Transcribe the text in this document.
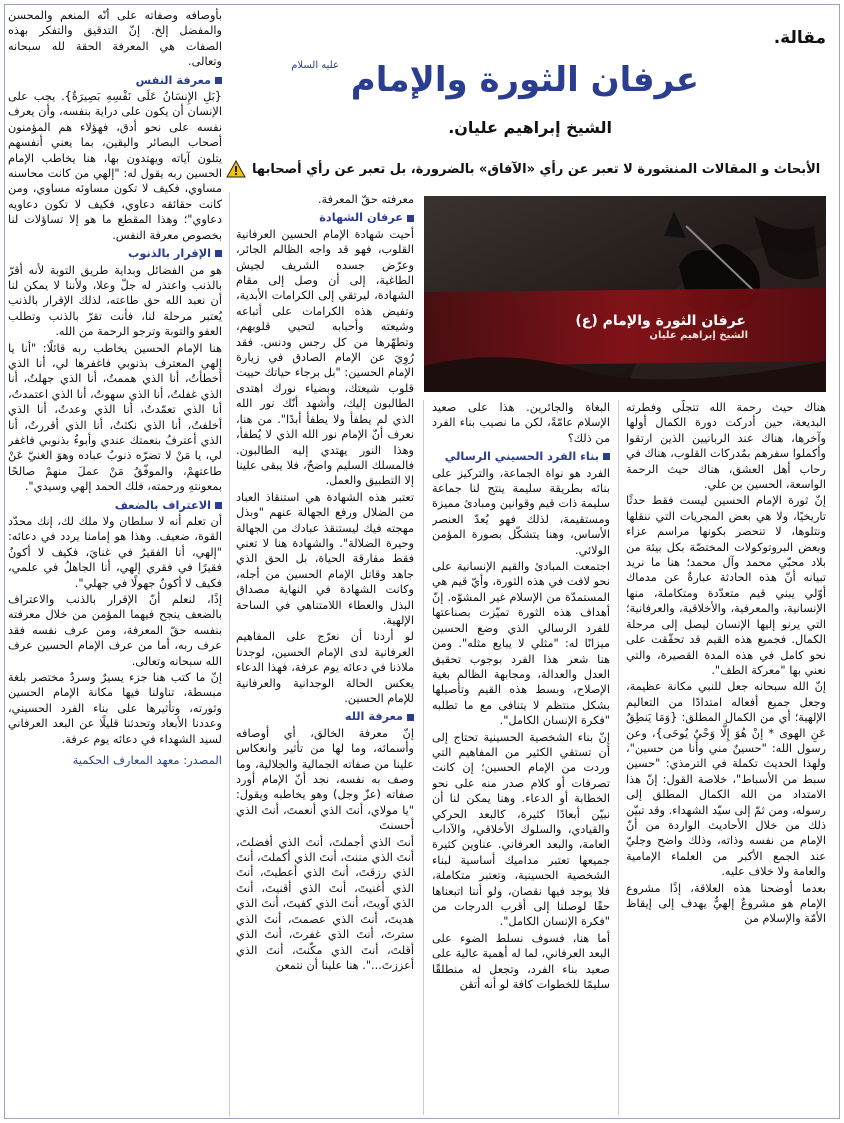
مقالة.
عرفان الثورة والإمام $^{عليه السلام}$
الشيخ إبراهيم عليان.
الأبحاث و المقالات المنشورة لا تعبر عن رأي «الآفاق» بالضرورة، بل تعبر عن رأي أصحابها
عرفان الثورة والإمام (ع)
الشيخ إبراهيم عليان

هناك حيث رحمة الله تتجلّى وفطرته البديعة، حين أدركت دورة الكمال أولها وآخرها، هناك عند الربانيين الذين ارتقوا وأكملوا سفرهم بمُدركات القلوب، هناك في رحاب أهل العشق، هناك حيث الرحمة الواسعة، الحسين بن علي.

إنّ ثورة الإمام الحسين ليست فقط حدثًا تاريخيًا، ولا هي بعض المجريات التي ننقلها ونتلوها، لا تنحصر بكونها مراسم عزاء وبعض البروتوكولات المختصّة بكل بيئة من بلاد محبّي محمد وآل محمد؛ هنا ما نريد تبيانه أنّ هذه الحادثة عبارةٌ عن مدماك أوّلي يبني قيم متعدّدة ومتكاملة، منها الإنسانية، والمعرفية، والأخلاقية، والعرفانية؛ التي يرنو إليها الإنسان ليصل إلى مرحلة الكمال. فجميع هذه القيم قد تحقّقت على نحو كامل في هذه المدة القصيرة، والتي نعني بها "معركة الطف".

إنّ الله سبحانه جعل للنبي مكانة عظيمة، وجعل جميع أفعاله امتدادًا من التعاليم الإلهية؛ أي من الكمال المطلق: {وَمَا يَنطِقُ عَنِ الهوى * إنْ هُوَ إِلَّا وَحْيٌ يُوحَى}، وعن رسول الله: "حسينٌ مني وأنا من حسين"، ولهذا الحديث تكملة في الترمذي: "حسين سبط من الأسباط"، خلاصة القول: إنّ هذا الامتداد من الله الكمال المطلق إلى رسوله، ومن ثمّ إلى سيّد الشهداء. وقد تبيّن ذلك من خلال الأحاديث الواردة من أنّ الإمام من نفسه وذاته، وذلك واضح وجليّ عند الجمع الأكبر من العلماء الإمامية والعامة ولا خلاف عليه.

بعدما أوضحنا هذه العلاقة، إذًا مشروع الإمام هو مشروعٌ إلهيٌّ يهدف إلى إيقاظ الأمّة والإسلام من

البغاة والجائرين. هذا على صعيد الإسلام عامّةً، لكن ما نصيب بناء الفرد من ذلك؟

بناء الفرد الحسيني الرسالي

الفرد هو نواة الجماعة، والتركيز على بنائه بطريقة سليمة ينتج لنا جماعة سليمة ذات قيم وقوانين ومبادئ مميزة ومستقيمة، لذلك فهو يُعدّ العنصر الأساس، وهنا يتشكّل بصورة المؤمن الولائي.

اجتمعت المبادئ والقيم الإنسانية على نحو لافت في هذه الثورة، وأيّ قيم هي المستمدّة من الإسلام غير المشوّه. إنّ أهداف هذه الثورة تميّزت بصناعتها للفرد الرسالي الذي وضع الحسين ميزانًا له: "مثلي لا يبايع مثله". ومن هنا شعر هذا الفرد بوجوب تحقيق العدل والعدالة، ومجابهة الظالم بغية الإصلاح، وبسط هذه القيم وتأصيلها بشكل منتظم لا يتنافى مع ما تطلبه "فكرة الإنسان الكامل".

إنّ بناء الشخصية الحسينية تحتاج إلى أن تستقي الكثير من المفاهيم التي وردت من الإمام الحسين؛ إن كانت تصرفات أو كلام صدر منه على نحو الخطابة أو الدعاء. وهنا يمكن لنا أن نبيّن أبعادًا كثيرة، كالبعد الحركي والقيادي، والسلوك الأخلاقي، والآداب العامة، والبعد العرفاني. عناوين كثيرة جميعها تعتبر مداميك أساسية لبناء الشخصية الحسينية، وتعتبر متكاملة، فلا يوجد فيها نقصان، ولو أننا اتبعناها حقًا لوصلنا إلى أقرب الدرجات من "فكرة الإنسان الكامل".

أما هنا، فسوف نسلط الضوء على البعد العرفاني، لما له أهمية عالية على صعيد بناء الفرد، وتجعل له منطلقًا سليمًا للخطوات كافة لو أنه أتقن

معرفته حقّ المعرفة.

عرفان الشهادة

أحيت شهادة الإمام الحسين العرفانية القلوب، فهو قد واجه الظالم الجائر، وعرّض جسده الشريف لجيش الطاغية، إلى أن وصل إلى مقام الشهادة، ليرتقي إلى الكرامات الأبدية، وتفيض هذه الكرامات على أتباعه وشيعته وأحبابه لتحيي قلوبهم، وتطهّرها من كل رجس ودنس. فقد رُوِيَ عن الإمام الصادق في زيارة الإمام الحسين: "بل برجاء حياتك حييت قلوب شيعتك، وبضياء نورك اهتدى الطالبون إليك، وأشهد أنّك نور الله الذي لم يطفأ ولا يطفأ أبدًا". من هنا، نعرف أنّ الإمام نور الله الذي لا يُطفأ، وهذا النور يهتدي إليه الطالبون. فالمسلك السليم واضحٌ، فلا يبقى علينا إلا التطبيق والعمل.

تعتبر هذه الشهادة هي استنقاذ العباد من الضلال ورفع الجهالة عنهم "وبذل مهجته فيك ليستنقذ عبادك من الجهالة وحيرة الضلالة". والشهادة هنا لا تعني فقط مفارقة الحياة، بل الحق الذي جاهد وقاتل الإمام الحسين من أجله، وكانت الشهادة في النهاية مصداق البذل والعطاء اللامتناهي في الساحة الإلهية.

لو أردنا أن نعرّج على المفاهيم العرفانية لدى الإمام الحسين، لوجدنا ملاذنا في دعائه يوم عرفة، فهذا الدعاء يعكس الحالة الوجدانية والعرفانية للإمام الحسين.

معرفة الله

إنّ معرفة الخالق، أي أوصافه وأسمائه، وما لها من تأثير وانعكاس علينا من صفاته الجمالية والجلالية، وما وصف به نفسه، نجد أنّ الإمام أورد صفاته (عزّ وجل) وهو يخاطبه ويقول: "يا مولاي، أنتَ الذي أنعمتَ، أنتَ الذي أحسنتَ

أنتَ الذي أجملتَ، أنتَ الذي أفضلتَ، أنتَ الذي مننتَ، أنتَ الذي أكملتَ، أنتَ الذي رزقتَ، أنتَ الذي أعطيتَ، أنتَ الذي أغنيتَ، أنتَ الذي أقنيتَ، أنتَ الذي آويتَ، أنتَ الذي كفيتَ، أنتَ الذي هديتَ، أنتَ الذي عصمتَ، أنتَ الذي سترتَ، أنتَ الذي غفرتَ، أنتَ الذي أقلتَ، أنتَ الذي مكّنتَ، أنتَ الذي أعززتَ...". هنا علينا أن نتمعن

بأوصافه وصفاته على أنّه المنعم والمحسن والمفضل إلخ. إنّ التدقيق والتفكر بهذه الصفات هي المعرفة الحقة لله سبحانه وتعالى.

معرفة النفس

{بَلِ الإِنسَانُ عَلَى نَفْسِهِ بَصِيرَةٌ}. يجب على الإنسان أن يكون على دراية بنفسه، وأن يعرف نفسه على نحو أدق، فهؤلاء هم المؤمنون أصحاب البصائر واليقين، بما يعني أنفسهم يتلون آياته ويهتدون بها، هنا يخاطب الإمام الحسين ربه يقول له: "إلهي من كانت محاسنه مساوي، فكيف لا تكون مساوئه مساوي، ومن كانت حقائقه دعاوي، فكيف لا تكون دعاويه دعاوي"؛ وهذا المقطع ما هو إلا تساؤلات لنا بخصوص معرفة النفس.

الإقرار بالذنوب

هو من الفضائل وبداية طريق التوبة لأنه أقرّ بالذنب واعتذر له جلّ وعلا، ولأننا لا يمكن لنا أن نعبد الله حق طاعته، لذلك الإقرار بالذنب يُعتبر مرحلة لنا، فأنت تقرّ بالذنب وتطلب العفو والتوبة وترجو الرحمة من الله.

هنا الإمام الحسين يخاطب ربه قائلًا: "أنا يا إلهي المعترف بذنوبي فاغفرها لي، أنا الذي أخطأتُ، أنا الذي هممتُ، أنا الذي جهلتُ، أنا الذي غفلتُ، أنا الذي سهوتُ، أنا الذي اعتمدتُ، أنا الذي تعمّدتُ، أنا الذي وعدتُ، أنا الذي أخلفتُ، أنا الذي نكثتُ، أنا الذي أقررتُ، أنا الذي أعترفُ بنعمتك عندي وأبوءُ بذنوبي فاغفر لي، يا مَنْ لا تضرّه ذنوبُ عباده وهوَ الغنيّ عَنْ طاعتهمْ، والموفّقُ مَنْ عملَ منهمْ صالحًا بمعونتهِ ورحمته، فلك الحمد إلهي وسيدي".

الاعتراف بالضعف

أن تعلم أنه لا سلطان ولا ملك لك، إنك محدّد القوة، ضعيف. وهذا هو إمامنا يردد في دعائه: "إلهي، أنا الفقيرُ في غنايَ، فكيف لا أكونُ فقيرًا في فقري إلهي، أنا الجاهلُ في علمي، فكيف لا أكونُ جهولًا في جهلي".

إذًا، لنعلم أنّ الإقرار بالذنب والاعتراف بالضعف ينجح فيهما المؤمن من خلال معرفته بنفسه حقّ المعرفة، ومن عرف نفسه فقد عرف ربه، أما من عرف الإمام الحسين عرف الله سبحانه وتعالى.

إنّ ما كتب هنا جزء يسيرٌ وسردٌ مختصر بلغة مبسطة، تناولنا فيها مكانة الإمام الحسين وثورته، وتأثيرها على بناء الفرد الحسيني، وعددنا الأبعاد وتحدثنا قليلًا عن البعد العرفاني لسيد الشهداء في دعائه يوم عرفة.

المصدر: معهد المعارف الحكمية
